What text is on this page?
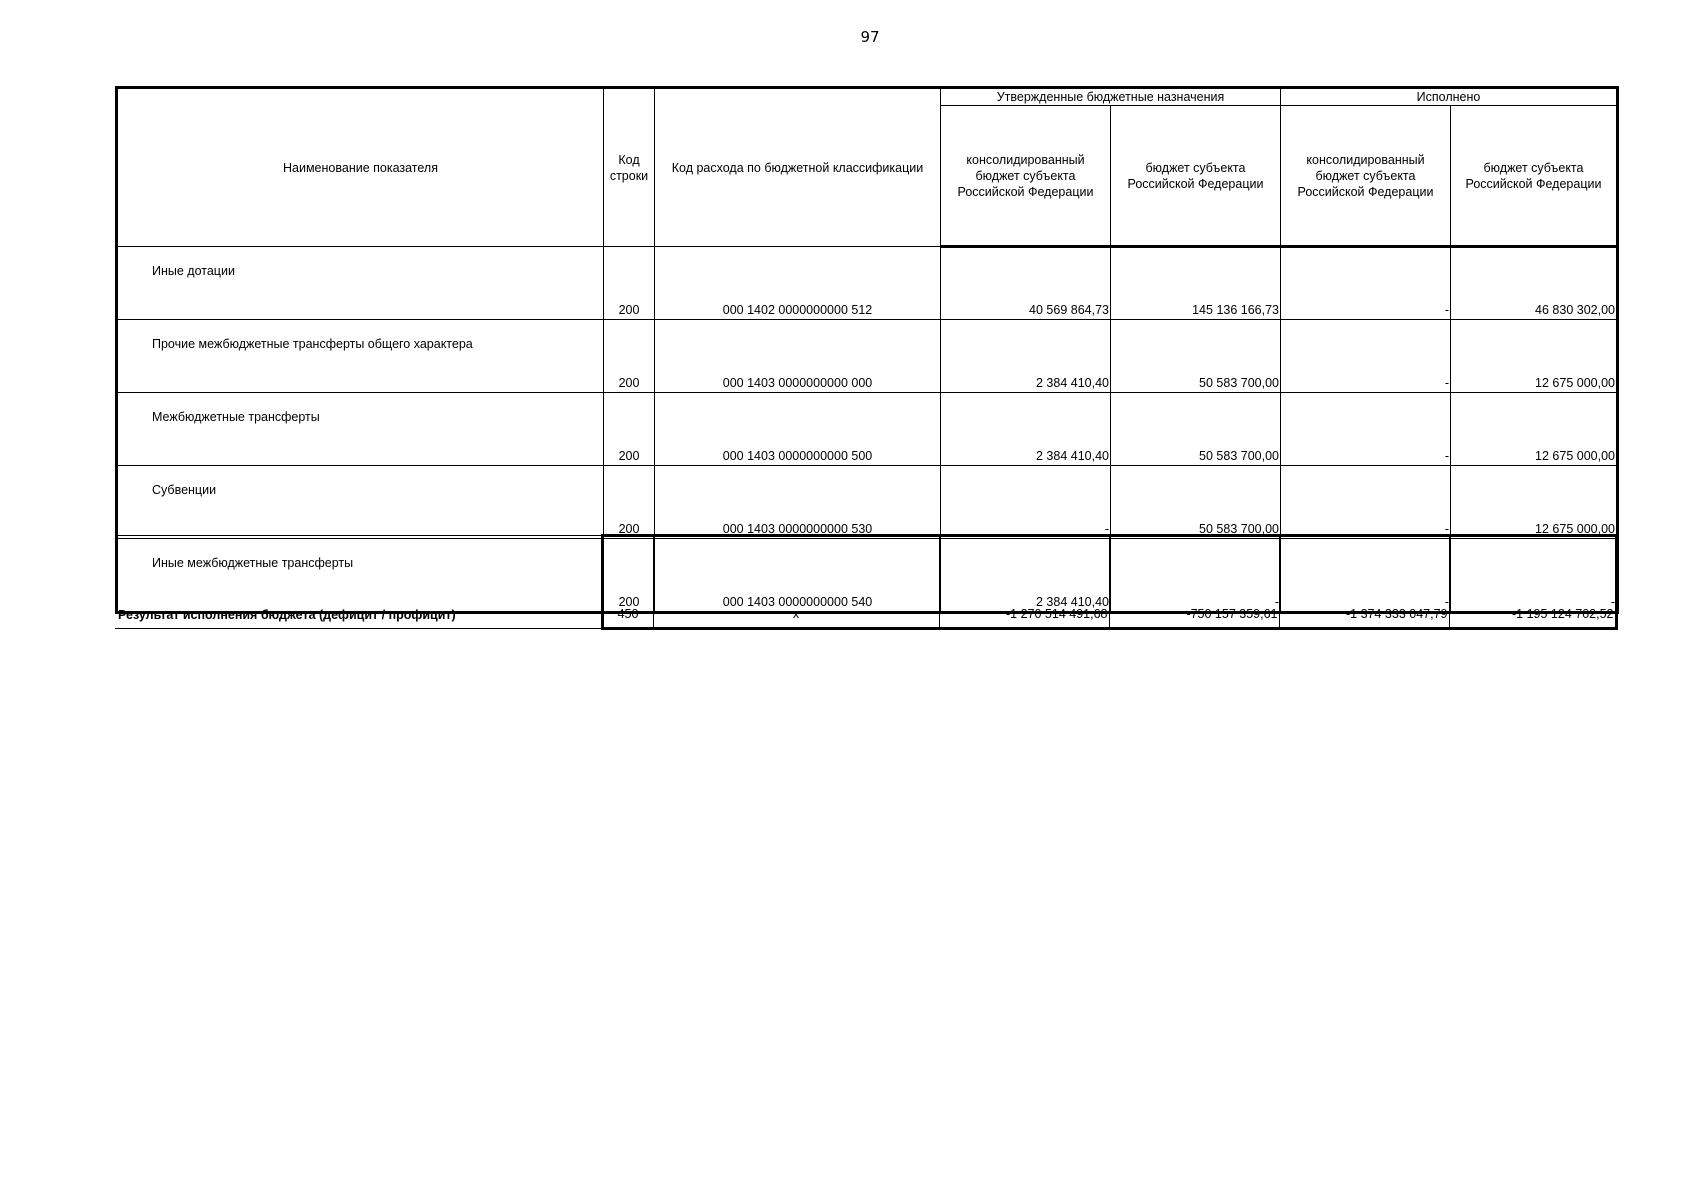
97
Наименование показателя	Код строки	Код расхода по бюджетной классификации	Утвержденные бюджетные назначения		Исполнено	

			консолидированный бюджет субъекта Российской Федерации	бюджет субъекта Российской Федерации	консолидированный бюджет субъекта Российской Федерации	бюджет субъекта Российской Федерации

Иные дотации	200	000 1402 0000000000 512	40 569 864,73	145 136 166,73	-	46 830 302,00
Прочие межбюджетные трансферты общего характера	200	000 1403 0000000000 000	2 384 410,40	50 583 700,00	-	12 675 000,00
Межбюджетные трансферты	200	000 1403 0000000000 500	2 384 410,40	50 583 700,00	-	12 675 000,00
Субвенции	200	000 1403 0000000000 530	-	50 583 700,00	-	12 675 000,00
Иные межбюджетные трансферты	200	000 1403 0000000000 540	2 384 410,40	-	-	-
Результат исполнения бюджета (дефицит / профицит)	450	x	-1 270 514 491,68	-750 157 359,61	-1 374 333 047,79	-1 195 124 702,52
